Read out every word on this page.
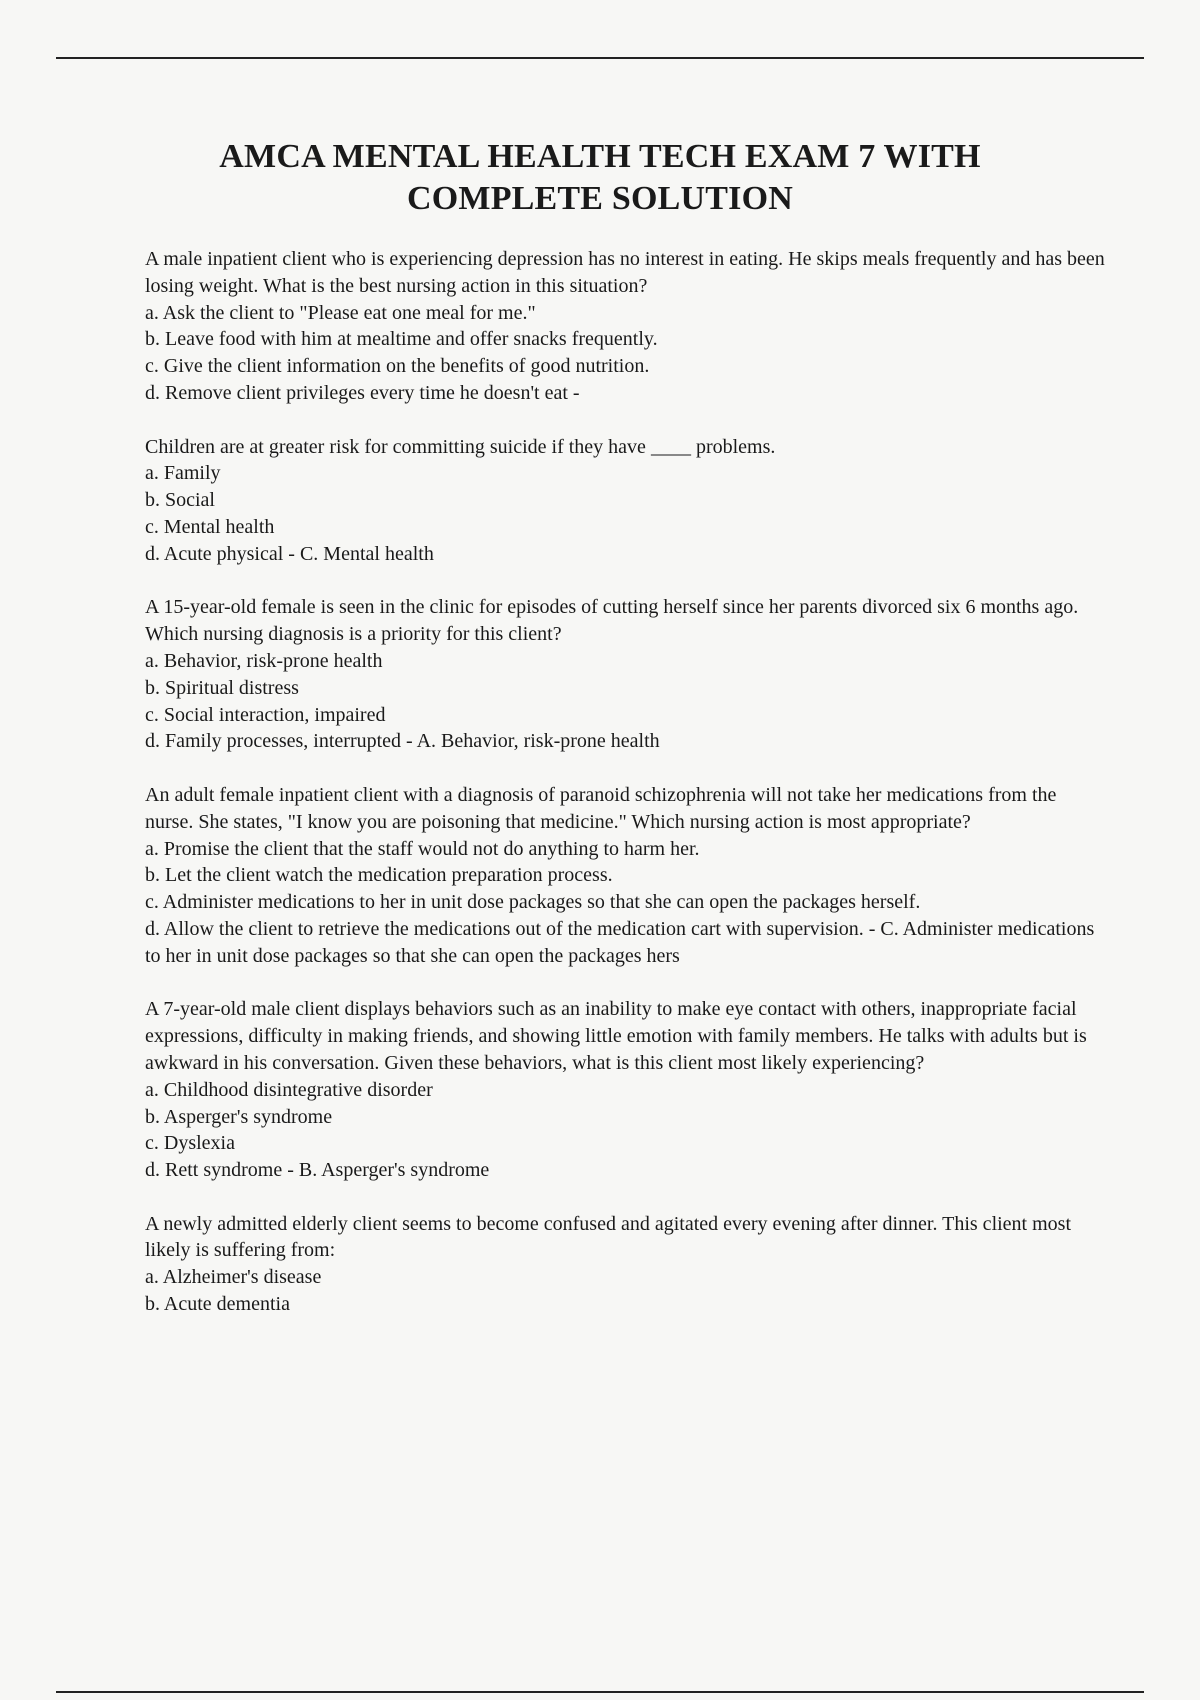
AMCA MENTAL HEALTH TECH EXAM 7 WITH
COMPLETE SOLUTION

A male inpatient client who is experiencing depression has no interest in eating. He skips meals frequently and has been losing weight. What is the best nursing action in this situation?

a. Ask the client to "Please eat one meal for me."

b. Leave food with him at mealtime and offer snacks frequently.

c. Give the client information on the benefits of good nutrition.

d. Remove client privileges every time he doesn't eat -

Children are at greater risk for committing suicide if they have ____ problems.

a. Family

b. Social

c. Mental health

d. Acute physical - C. Mental health

A 15-year-old female is seen in the clinic for episodes of cutting herself since her parents divorced six 6 months ago. Which nursing diagnosis is a priority for this client?

a. Behavior, risk-prone health

b. Spiritual distress

c. Social interaction, impaired

d. Family processes, interrupted - A. Behavior, risk-prone health

An adult female inpatient client with a diagnosis of paranoid schizophrenia will not take her medications from the nurse. She states, "I know you are poisoning that medicine." Which nursing action is most appropriate?

a. Promise the client that the staff would not do anything to harm her.

b. Let the client watch the medication preparation process.

c. Administer medications to her in unit dose packages so that she can open the packages herself.

d. Allow the client to retrieve the medications out of the medication cart with supervision. - C. Administer medications to her in unit dose packages so that she can open the packages hers

A 7-year-old male client displays behaviors such as an inability to make eye contact with others, inappropriate facial expressions, difficulty in making friends, and showing little emotion with family members. He talks with adults but is awkward in his conversation. Given these behaviors, what is this client most likely experiencing?

a. Childhood disintegrative disorder

b. Asperger's syndrome

c. Dyslexia

d. Rett syndrome - B. Asperger's syndrome

A newly admitted elderly client seems to become confused and agitated every evening after dinner. This client most likely is suffering from:

a. Alzheimer's disease

b. Acute dementia
